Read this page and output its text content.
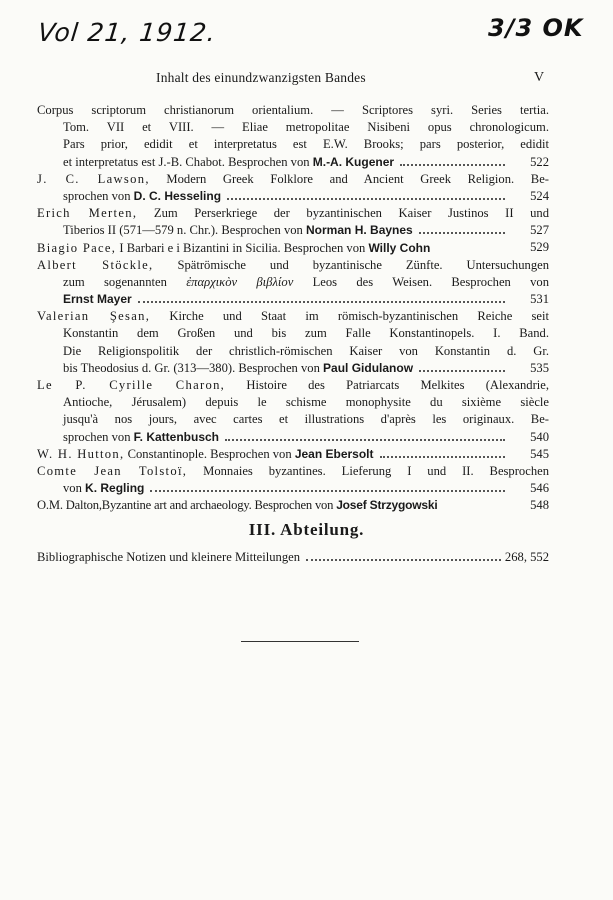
Vol 21, 1912.	3/3 OK
Inhalt des einundzwanzigsten Bandes	V
Corpus scriptorum christianorum orientalium. — Scriptores syri. Series tertia.
Tom. VII et VIII. — Eliae metropolitae Nisibeni opus chronologicum.
Pars prior, edidit et interpretatus est E.W. Brooks; pars posterior, edidit
et interpretatus est J.-B. Chabot. Besprochen von
M.-A. Kugener	522
J. C. Lawson, Modern Greek Folklore and Ancient Greek Religion. Be-
sprochen von
D. C. Hesseling	524
Erich Merten, Zum Perserkriege der byzantinischen Kaiser Justinos II und
Tiberios II (571—579 n. Chr.). Besprochen von
Norman H. Baynes	527
Biagio Pace,
I Barbari e i Bizantini in Sicilia. Besprochen von
Willy Cohn	529
Albert Stöckle, Spätrömische und byzantinische Zünfte. Untersuchungen
zum sogenannten ἐπαρχικὸν βιβλίον Leos des Weisen. Besprochen von
Ernst Mayer	531
Valerian Şesan, Kirche und Staat im römisch-byzantinischen Reiche seit
Konstantin dem Großen und bis zum Falle Konstantinopels. I. Band.
Die Religionspolitik der christlich-römischen Kaiser von Konstantin d. Gr.
bis Theodosius d. Gr. (313—380). Besprochen von
Paul Gidulanow	535
Le P. Cyrille Charon, Histoire des Patriarcats Melkites (Alexandrie,
Antioche, Jérusalem) depuis le schisme monophysite du sixième siècle
jusqu'à nos jours, avec cartes et illustrations d'après les originaux. Be-
sprochen von
F. Kattenbusch	540
W. H. Hutton,
Constantinople. Besprochen von
Jean Ebersolt	545
Comte Jean Tolstoï, Monnaies byzantines. Lieferung I und II. Besprochen
von
K. Regling	546
O.M. Dalton, Byzantine art and archaeology. Besprochen von
Josef Strzygowski	548
III. Abteilung.
Bibliographische Notizen und kleinere Mitteilungen	268, 552
